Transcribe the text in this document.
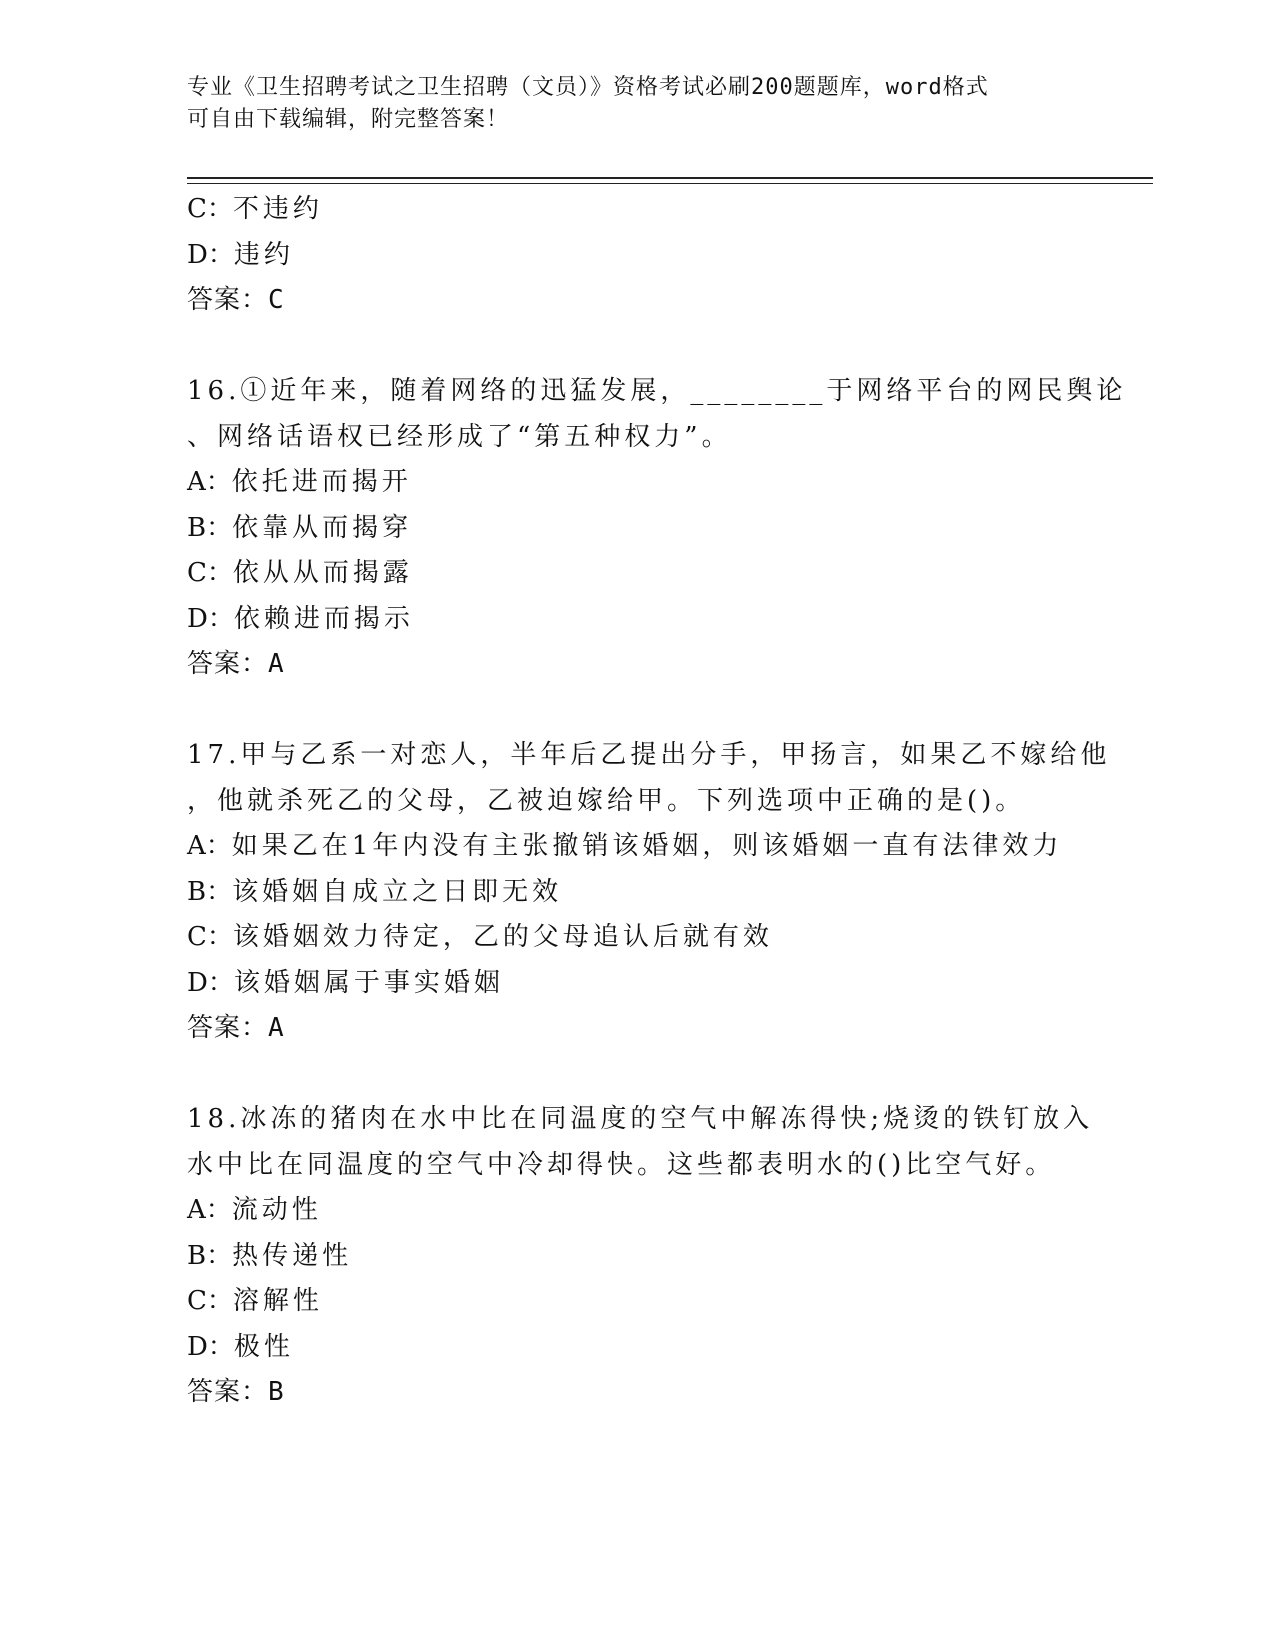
专业《卫生招聘考试之卫生招聘（文员）》资格考试必刷200题题库，word格式
可自由下载编辑，附完整答案！
C：不违约
D：违约
答案：C
16.①近年来，随着网络的迅猛发展，________于网络平台的网民舆论
、网络话语权已经形成了“第五种权力”。
A：依托进而揭开
B：依靠从而揭穿
C：依从从而揭露
D：依赖进而揭示
答案：A
17.甲与乙系一对恋人，半年后乙提出分手，甲扬言，如果乙不嫁给他
，他就杀死乙的父母，乙被迫嫁给甲。下列选项中正确的是()。
A：如果乙在1年内没有主张撤销该婚姻，则该婚姻一直有法律效力
B：该婚姻自成立之日即无效
C：该婚姻效力待定，乙的父母追认后就有效
D：该婚姻属于事实婚姻
答案：A
18.冰冻的猪肉在水中比在同温度的空气中解冻得快;烧烫的铁钉放入
水中比在同温度的空气中冷却得快。这些都表明水的()比空气好。
A：流动性
B：热传递性
C：溶解性
D：极性
答案：B
